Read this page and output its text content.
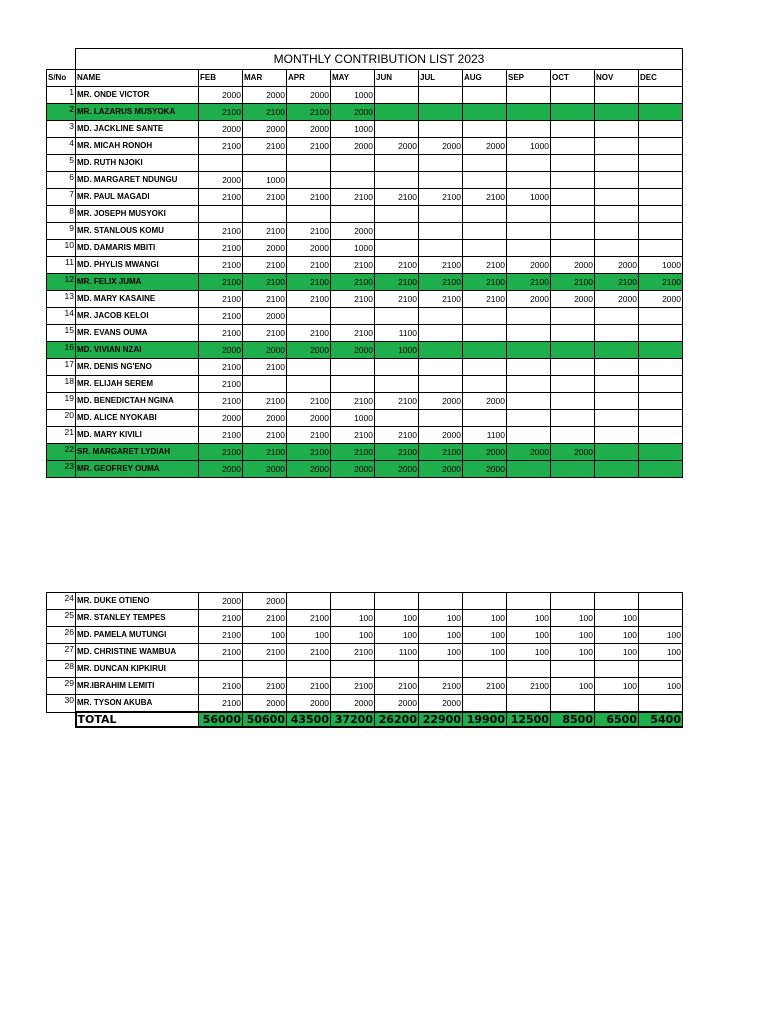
	MONTHLY CONTRIBUTION LIST 2023											
S/No	NAME	FEB	MAR	APR	MAY	JUN	JUL	AUG	SEP	OCT	NOV	DEC
1	MR. ONDE VICTOR	2000	2000	2000	1000							
2	MR. LAZARUS MUSYOKA	2100	2100	2100	2000							
3	MD. JACKLINE SANTE	2000	2000	2000	1000							
4	MR. MICAH RONOH	2100	2100	2100	2000	2000	2000	2000	1000			
5	MD. RUTH NJOKI											
6	MD. MARGARET NDUNGU	2000	1000									
7	MR. PAUL MAGADI	2100	2100	2100	2100	2100	2100	2100	1000			
8	MR. JOSEPH MUSYOKI											
9	MR. STANLOUS KOMU	2100	2100	2100	2000							
10	MD. DAMARIS MBITI	2100	2000	2000	1000							
11	MD. PHYLIS MWANGI	2100	2100	2100	2100	2100	2100	2100	2000	2000	2000	1000
12	MR. FELIX JUMA	2100	2100	2100	2100	2100	2100	2100	2100	2100	2100	2100
13	MD. MARY KASAINE	2100	2100	2100	2100	2100	2100	2100	2000	2000	2000	2000
14	MR. JACOB KELOI	2100	2000									
15	MR. EVANS OUMA	2100	2100	2100	2100	1100						
16	MD. VIVIAN NZAI	2000	2000	2000	2000	1000						
17	MR. DENIS NG'ENO	2100	2100									
18	MR. ELIJAH SEREM	2100										
19	MD. BENEDICTAH NGINA	2100	2100	2100	2100	2100	2000	2000				
20	MD. ALICE NYOKABI	2000	2000	2000	1000							
21	MD. MARY KIVILI	2100	2100	2100	2100	2100	2000	1100				
22	SR. MARGARET LYDIAH	2100	2100	2100	2100	2100	2100	2000	2000	2000		
23	MR. GEOFREY OUMA	2000	2000	2000	2000	2000	2000	2000				
24	MR. DUKE OTIENO	2000	2000									
25	MR. STANLEY TEMPES	2100	2100	2100	100	100	100	100	100	100	100	
26	MD. PAMELA MUTUNGI	2100	100	100	100	100	100	100	100	100	100	100
27	MD. CHRISTINE WAMBUA	2100	2100	2100	2100	1100	100	100	100	100	100	100
28	MR. DUNCAN KIPKIRUI											
29	MR.IBRAHIM LEMITI	2100	2100	2100	2100	2100	2100	2100	2100	100	100	100
30	MR. TYSON AKUBA	2100	2000	2000	2000	2000	2000					
	TOTAL	56000	50600	43500	37200	26200	22900	19900	12500	8500	6500	5400
